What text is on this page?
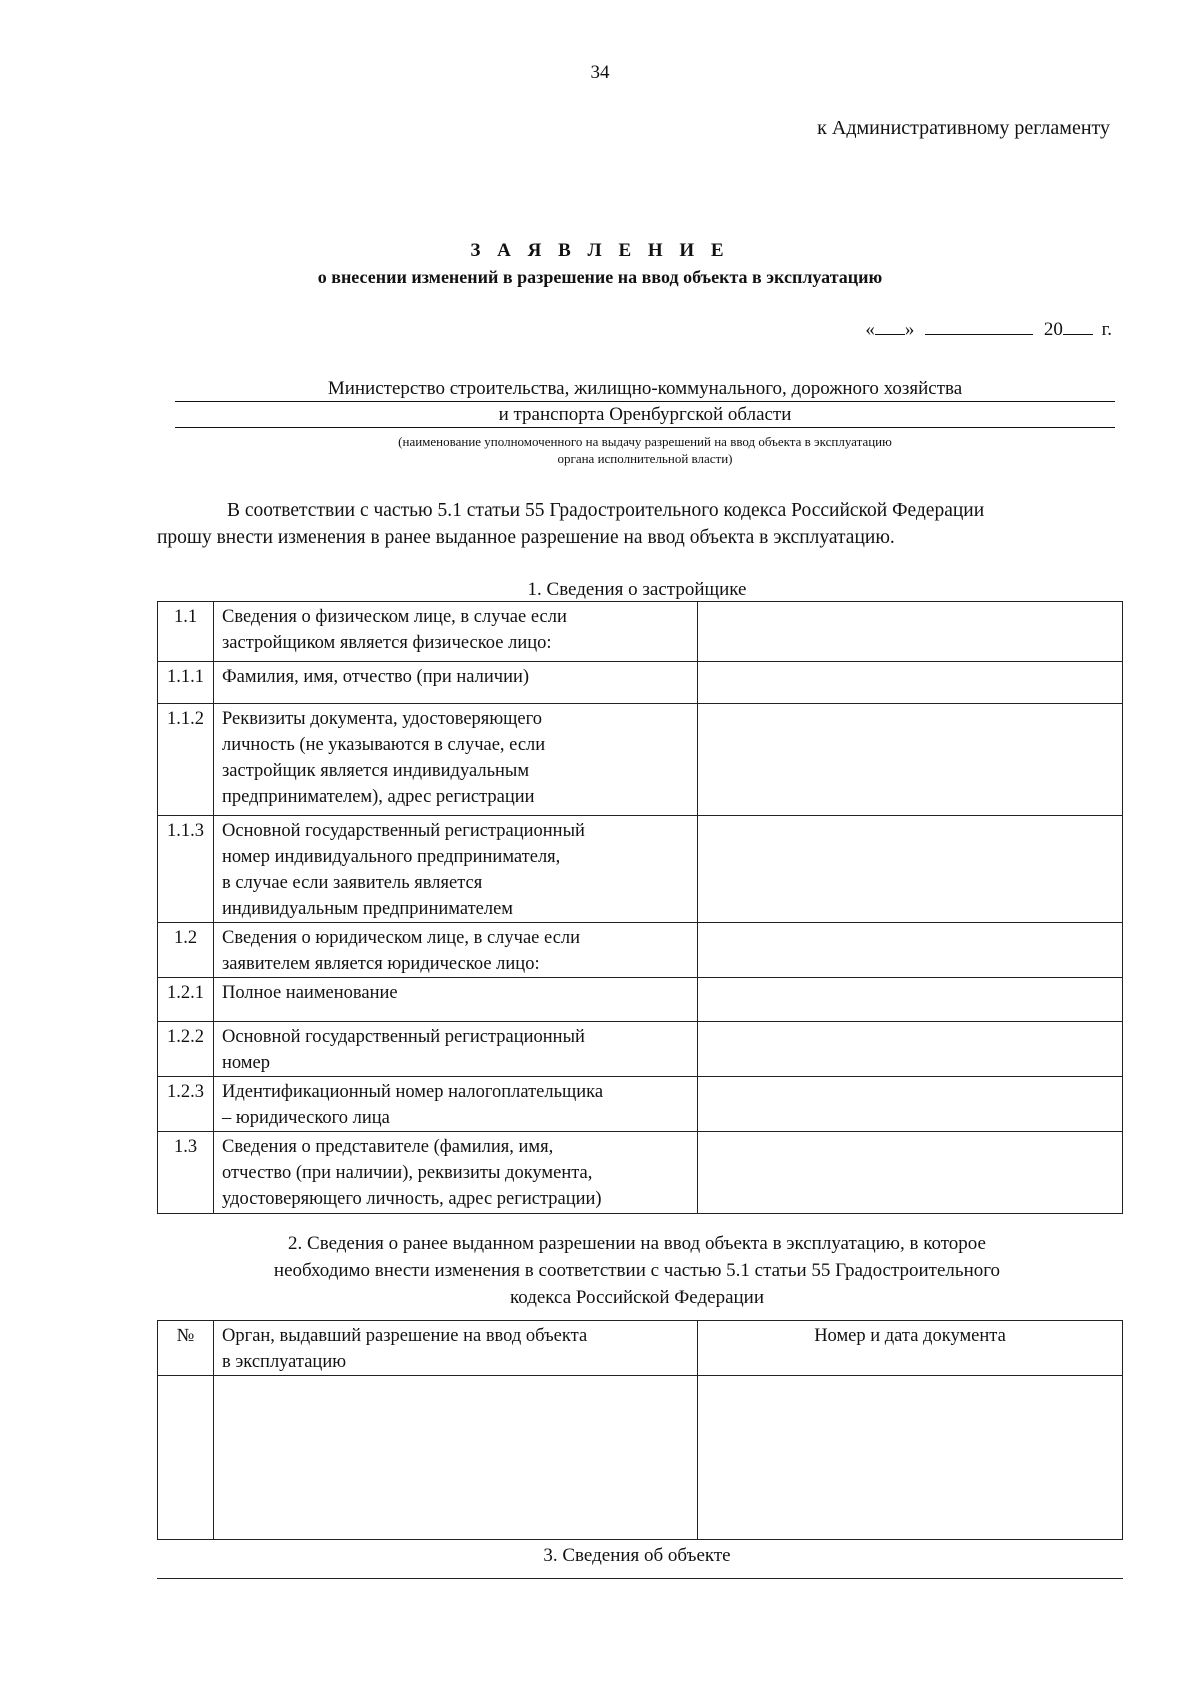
34
к Административному регламенту
З А Я В Л Е Н И Е
о внесении изменений в разрешение на ввод объекта в эксплуатацию
« »	20 г.
Министерство строительства, жилищно-коммунального, дорожного хозяйства
и транспорта Оренбургской области
(наименование уполномоченного на выдачу разрешений на ввод объекта в эксплуатацию
органа исполнительной власти)

В соответствии с частью 5.1 статьи 55 Градостроительного кодекса Российской Федерации

прошу внести изменения в ранее выданное разрешение на ввод объекта в эксплуатацию.

1. Сведения о застройщике
1.1	Сведения о физическом лице, в случае если
застройщиком является физическое лицо:	

1.1.1	Фамилия, имя, отчество (при наличии)	

1.1.2	Реквизиты документа, удостоверяющего
личность (не указываются в случае, если
застройщик является индивидуальным
предпринимателем), адрес регистрации	

1.1.3	Основной государственный регистрационный
номер индивидуального предпринимателя,
в случае если заявитель является
индивидуальным предпринимателем	

1.2	Сведения о юридическом лице, в случае если
заявителем является юридическое лицо:	

1.2.1	Полное наименование	

1.2.2	Основной государственный регистрационный
номер	

1.2.3	Идентификационный номер налогоплательщика
– юридического лица	

1.3	Сведения о представителе (фамилия, имя,
отчество (при наличии), реквизиты документа,
удостоверяющего личность, адрес регистрации)	

2. Сведения о ранее выданном разрешении на ввод объекта в эксплуатацию, в которое
необходимо внести изменения в соответствии с частью 5.1 статьи 55 Градостроительного
кодекса Российской Федерации
№	Орган, выдавший разрешение на ввод объекта
в эксплуатацию	Номер и дата документа

3. Сведения об объекте
